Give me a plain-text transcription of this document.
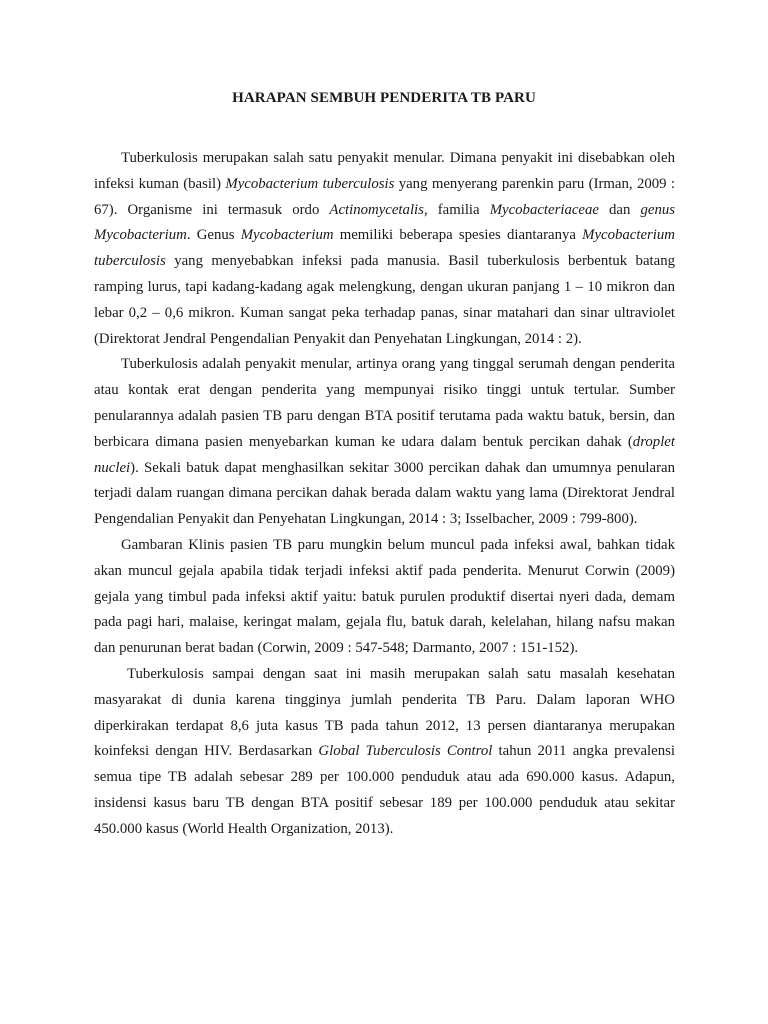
HARAPAN SEMBUH PENDERITA TB PARU

Tuberkulosis merupakan salah satu penyakit menular. Dimana penyakit ini disebabkan oleh infeksi kuman (basil) Mycobacterium tuberculosis yang menyerang parenkin paru (Irman, 2009 : 67). Organisme ini termasuk ordo Actinomycetalis, familia Mycobacteriaceae dan genus Mycobacterium. Genus Mycobacterium memiliki beberapa spesies diantaranya Mycobacterium tuberculosis yang menyebabkan infeksi pada manusia. Basil tuberkulosis berbentuk batang ramping lurus, tapi kadang-kadang agak melengkung, dengan ukuran panjang 1 – 10 mikron dan lebar 0,2 – 0,6 mikron. Kuman sangat peka terhadap panas, sinar matahari dan sinar ultraviolet (Direktorat Jendral Pengendalian Penyakit dan Penyehatan Lingkungan, 2014 : 2).

Tuberkulosis adalah penyakit menular, artinya orang yang tinggal serumah dengan penderita atau kontak erat dengan penderita yang mempunyai risiko tinggi untuk tertular. Sumber penularannya adalah pasien TB paru dengan BTA positif terutama pada waktu batuk, bersin, dan berbicara dimana pasien menyebarkan kuman ke udara dalam bentuk percikan dahak (droplet nuclei). Sekali batuk dapat menghasilkan sekitar 3000 percikan dahak dan umumnya penularan terjadi dalam ruangan dimana percikan dahak berada dalam waktu yang lama (Direktorat Jendral Pengendalian Penyakit dan Penyehatan Lingkungan, 2014 : 3; Isselbacher, 2009 : 799-800).

Gambaran Klinis pasien TB paru mungkin belum muncul pada infeksi awal, bahkan tidak akan muncul gejala apabila tidak terjadi infeksi aktif pada penderita. Menurut Corwin (2009) gejala yang timbul pada infeksi aktif yaitu: batuk purulen produktif disertai nyeri dada, demam pada pagi hari, malaise, keringat malam, gejala flu, batuk darah, kelelahan, hilang nafsu makan dan penurunan berat badan (Corwin, 2009 : 547-548; Darmanto, 2007 : 151-152).

Tuberkulosis sampai dengan saat ini masih merupakan salah satu masalah kesehatan masyarakat di dunia karena tingginya jumlah penderita TB Paru. Dalam laporan WHO diperkirakan terdapat 8,6 juta kasus TB pada tahun 2012, 13 persen diantaranya merupakan koinfeksi dengan HIV. Berdasarkan Global Tuberculosis Control tahun 2011 angka prevalensi semua tipe TB adalah sebesar 289 per 100.000 penduduk atau ada 690.000 kasus. Adapun, insidensi kasus baru TB dengan BTA positif sebesar 189 per 100.000 penduduk atau sekitar 450.000 kasus (World Health Organization, 2013).
